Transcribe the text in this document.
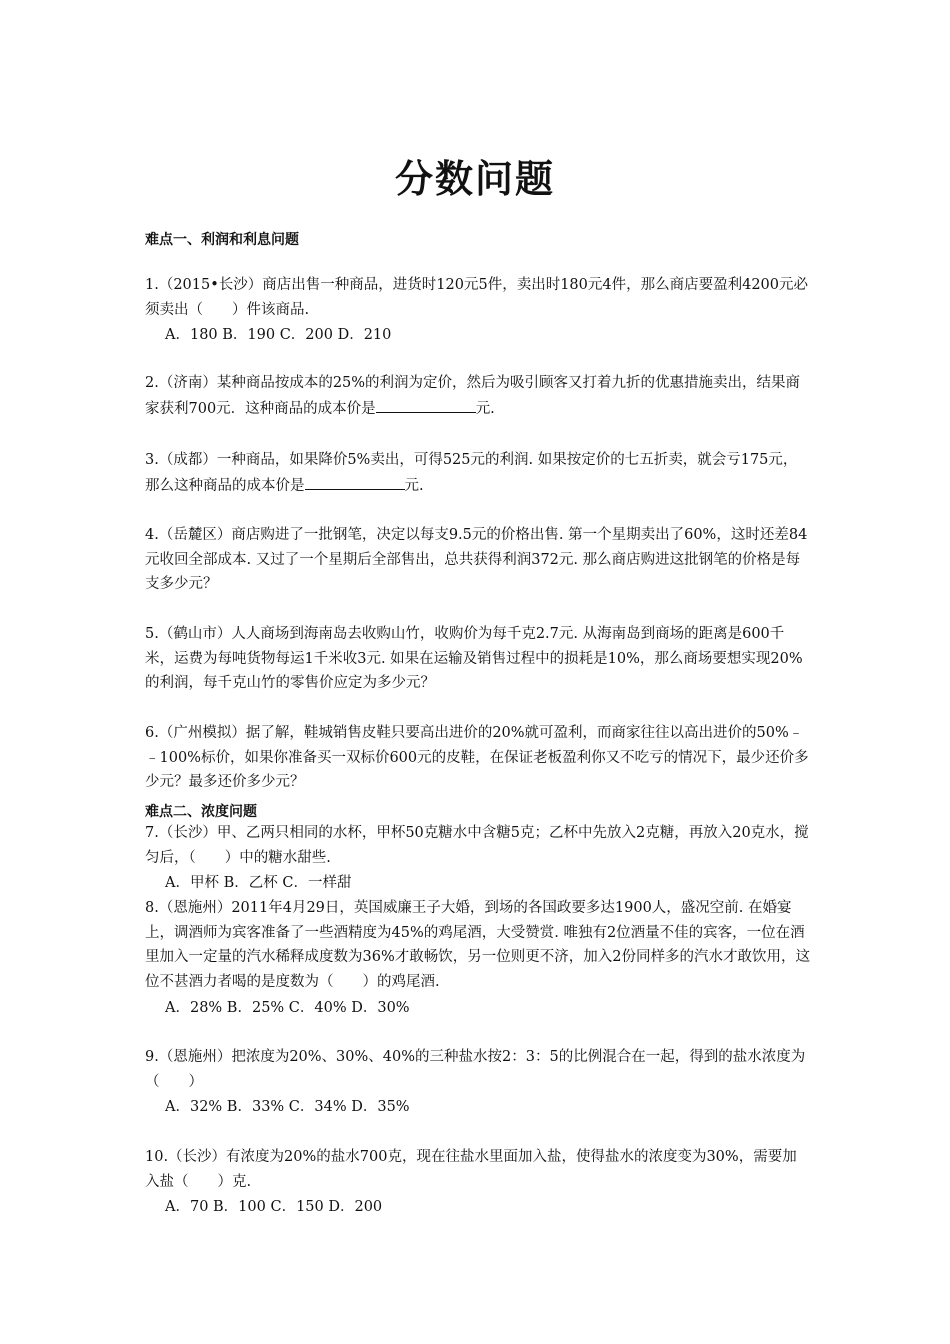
分数问题
难点一、利润和利息问题
1.（2015•长沙）商店出售一种商品，进货时120元5件，卖出时180元4件，那么商店要盈利4200元必须卖出（　　）件该商品.
A．180 B．190 C．200 D．210
2.（济南）某种商品按成本的25%的利润为定价，然后为吸引顾客又打着九折的优惠措施卖出，结果商家获利700元．这种商品的成本价是	元.
3.（成都）一种商品，如果降价5%卖出，可得525元的利润. 如果按定价的七五折卖，就会亏175元，那么这种商品的成本价是	元.
4.（岳麓区）商店购进了一批钢笔，决定以每支9.5元的价格出售. 第一个星期卖出了60%，这时还差84元收回全部成本. 又过了一个星期后全部售出，总共获得利润372元. 那么商店购进这批钢笔的价格是每支多少元？
5.（鹤山市）人人商场到海南岛去收购山竹，收购价为每千克2.7元. 从海南岛到商场的距离是600千米，运费为每吨货物每运1千米收3元. 如果在运输及销售过程中的损耗是10%，那么商场要想实现20%的利润，每千克山竹的零售价应定为多少元？
6.（广州模拟）据了解，鞋城销售皮鞋只要高出进价的20%就可盈利，而商家往往以高出进价的50%﹣﹣100%标价，如果你准备买一双标价600元的皮鞋，在保证老板盈利你又不吃亏的情况下，最少还价多少元？最多还价多少元？
难点二、浓度问题
7.（长沙）甲、乙两只相同的水杯，甲杯50克糖水中含糖5克；乙杯中先放入2克糖，再放入20克水，搅匀后，（　　）中的糖水甜些.
A．甲杯 B．乙杯 C．一样甜
8.（恩施州）2011年4月29日，英国威廉王子大婚，到场的各国政要多达1900人，盛况空前. 在婚宴上，调酒师为宾客准备了一些酒精度为45%的鸡尾酒，大受赞赏. 唯独有2位酒量不佳的宾客，一位在酒里加入一定量的汽水稀释成度数为36%才敢畅饮，另一位则更不济，加入2份同样多的汽水才敢饮用，这位不甚酒力者喝的是度数为（　　）的鸡尾酒.
A．28% B．25% C．40% D．30%
9.（恩施州）把浓度为20%、30%、40%的三种盐水按2：3：5的比例混合在一起，得到的盐水浓度为（　　）
A．32% B．33% C．34% D．35%
10.（长沙）有浓度为20%的盐水700克，现在往盐水里面加入盐，使得盐水的浓度变为30%，需要加入盐（　　）克.
A．70 B．100 C．150 D．200
